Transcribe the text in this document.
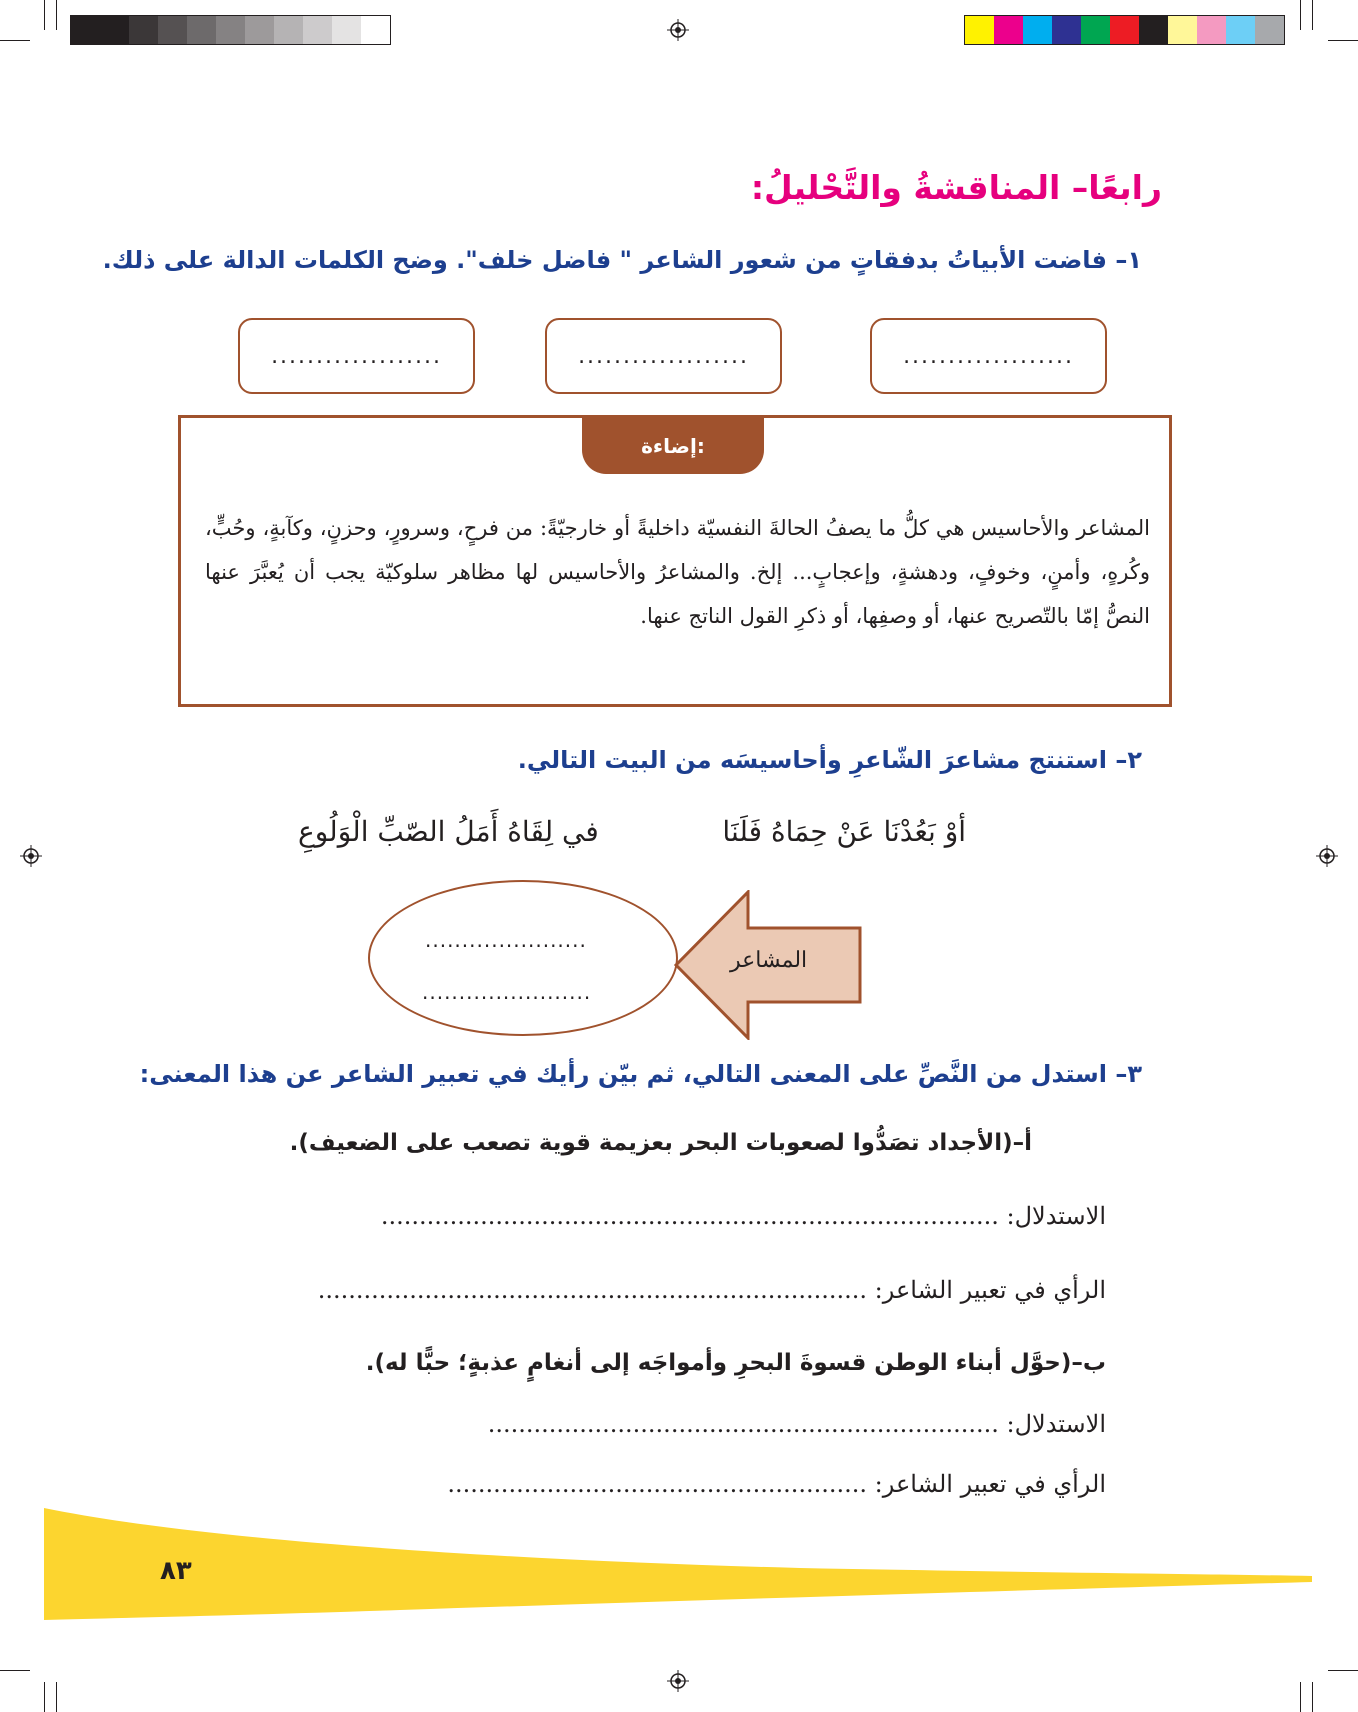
رابعًا– المناقشةُ والتَّحْليلُ:
١– فاضت الأبياتُ بدفقاتٍ من شعور الشاعر " فاضل خلف". وضح الكلمات الدالة على ذلك.
...................
...................
...................
إضاءة:
المشاعر والأحاسيس هي كلُّ ما يصفُ الحالةَ النفسيّة داخليةً أو خارجيّةً: من فرحٍ، وسرورٍ، وحزنٍ، وكآبةٍ، وحُبٍّ، وكُرهٍ، وأمنٍ، وخوفٍ، ودهشةٍ، وإعجابٍ... إلخ. والمشاعرُ والأحاسيس لها مظاهر سلوكيّة يجب أن يُعبَّرَ عنها النصُّ إمّا بالتّصريح عنها، أو وصفِها، أو ذكرِ القول الناتج عنها.
٢– استنتج مشاعرَ الشّاعرِ وأحاسيسَه من البيت التالي.
أوْ بَعُدْنَا عَنْ حِمَاهُ فَلَنَا
في لِقَاهُ أَمَلُ الصّبِّ الْوَلُوعِ
المشاعر
......................
.......................
٣– استدل من النَّصِّ على المعنى التالي، ثم بيّن رأيك في تعبير الشاعر عن هذا المعنى:
أ–(الأجداد تصَدُّوا لصعوبات البحر بعزيمة قوية تصعب على الضعيف).
الاستدلال: .................................................................................
الرأي في تعبير الشاعر: ........................................................................
ب–(حوَّل أبناء الوطن قسوةَ البحرِ وأمواجَه إلى أنغامٍ عذبةٍ؛ حبًّا له).
الاستدلال: ...................................................................
الرأي في تعبير الشاعر: .......................................................
٨٣
